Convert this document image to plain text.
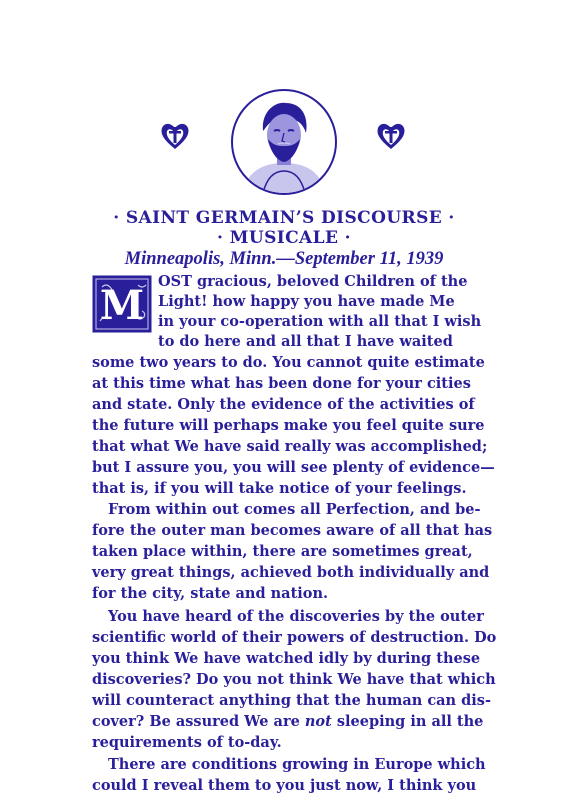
· SAINT GERMAIN’S DISCOURSE ·
· MUSICALE ·
Minneapolis, Minn.—September 11, 1939
M
OST gracious, beloved Children of the
Light! how happy you have made Me
in your co-operation with all that I wish
to do here and all that I have waited
some two years to do. You cannot quite estimate
at this time what has been done for your cities
and state. Only the evidence of the activities of
the future will perhaps make you feel quite sure
that what We have said really was accomplished;
but I assure you, you will see plenty of evidence—
that is, if you will take notice of your feelings.
From within out comes all Perfection, and be-
fore the outer man becomes aware of all that has
taken place within, there are sometimes great,
very great things, achieved both individually and
for the city, state and nation.
You have heard of the discoveries by the outer
scientific world of their powers of destruction. Do
you think We have watched idly by during these
discoveries? Do you not think We have that which
will counteract anything that the human can dis-
cover? Be assured We are not sleeping in all the
requirements of to-day.
There are conditions growing in Europe which
could I reveal them to you just now, I think you
